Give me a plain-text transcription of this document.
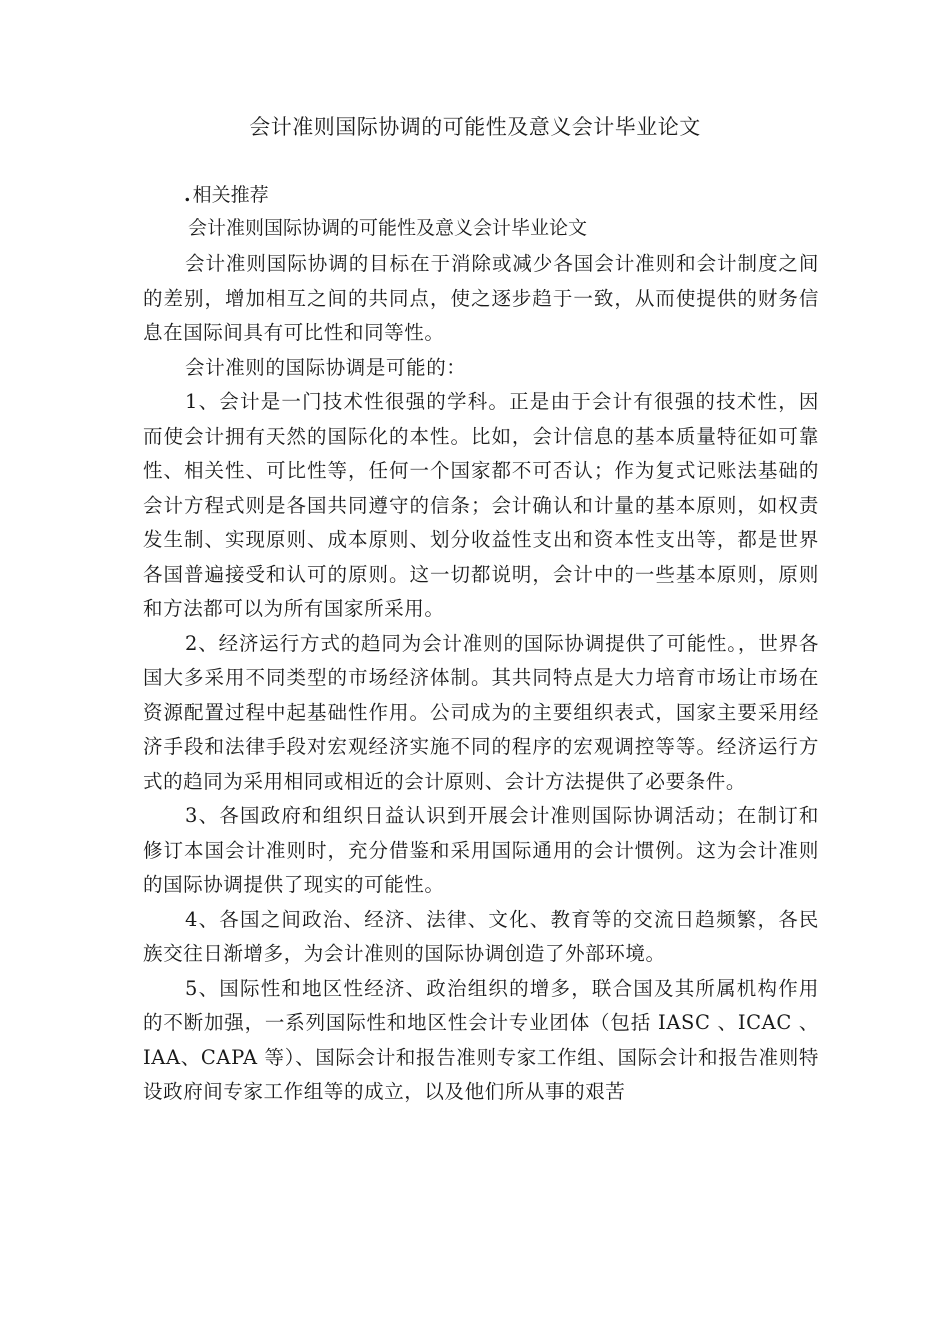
会计准则国际协调的可能性及意义会计毕业论文
. 相关推荐
会计准则国际协调的可能性及意义会计毕业论文

会计准则国际协调的目标在于消除或减少各国会计准则和会计制度之间的差别，增加相互之间的共同点，使之逐步趋于一致，从而使提供的财务信息在国际间具有可比性和同等性。

会计准则的国际协调是可能的：

1、会计是一门技术性很强的学科。正是由于会计有很强的技术性，因而使会计拥有天然的国际化的本性。比如，会计信息的基本质量特征如可靠性、相关性、可比性等，任何一个国家都不可否认；作为复式记账法基础的会计方程式则是各国共同遵守的信条；会计确认和计量的基本原则，如权责发生制、实现原则、成本原则、划分收益性支出和资本性支出等，都是世界各国普遍接受和认可的原则。这一切都说明，会计中的一些基本原则，原则和方法都可以为所有国家所采用。

2、经济运行方式的趋同为会计准则的国际协调提供了可能性。，世界各国大多采用不同类型的市场经济体制。其共同特点是大力培育市场让市场在资源配置过程中起基础性作用。公司成为的主要组织表式，国家主要采用经济手段和法律手段对宏观经济实施不同的程序的宏观调控等等。经济运行方式的趋同为采用相同或相近的会计原则、会计方法提供了必要条件。

3、各国政府和组织日益认识到开展会计准则国际协调活动；在制订和修订本国会计准则时，充分借鉴和采用国际通用的会计惯例。这为会计准则的国际协调提供了现实的可能性。

4、各国之间政治、经济、法律、文化、教育等的交流日趋频繁，各民族交往日渐增多，为会计准则的国际协调创造了外部环境。

5、国际性和地区性经济、政治组织的增多，联合国及其所属机构作用的不断加强，一系列国际性和地区性会计专业团体（包括 IASC 、ICAC 、IAA、CAPA 等）、国际会计和报告准则专家工作组、国际会计和报告准则特设政府间专家工作组等的成立，以及他们所从事的艰苦
